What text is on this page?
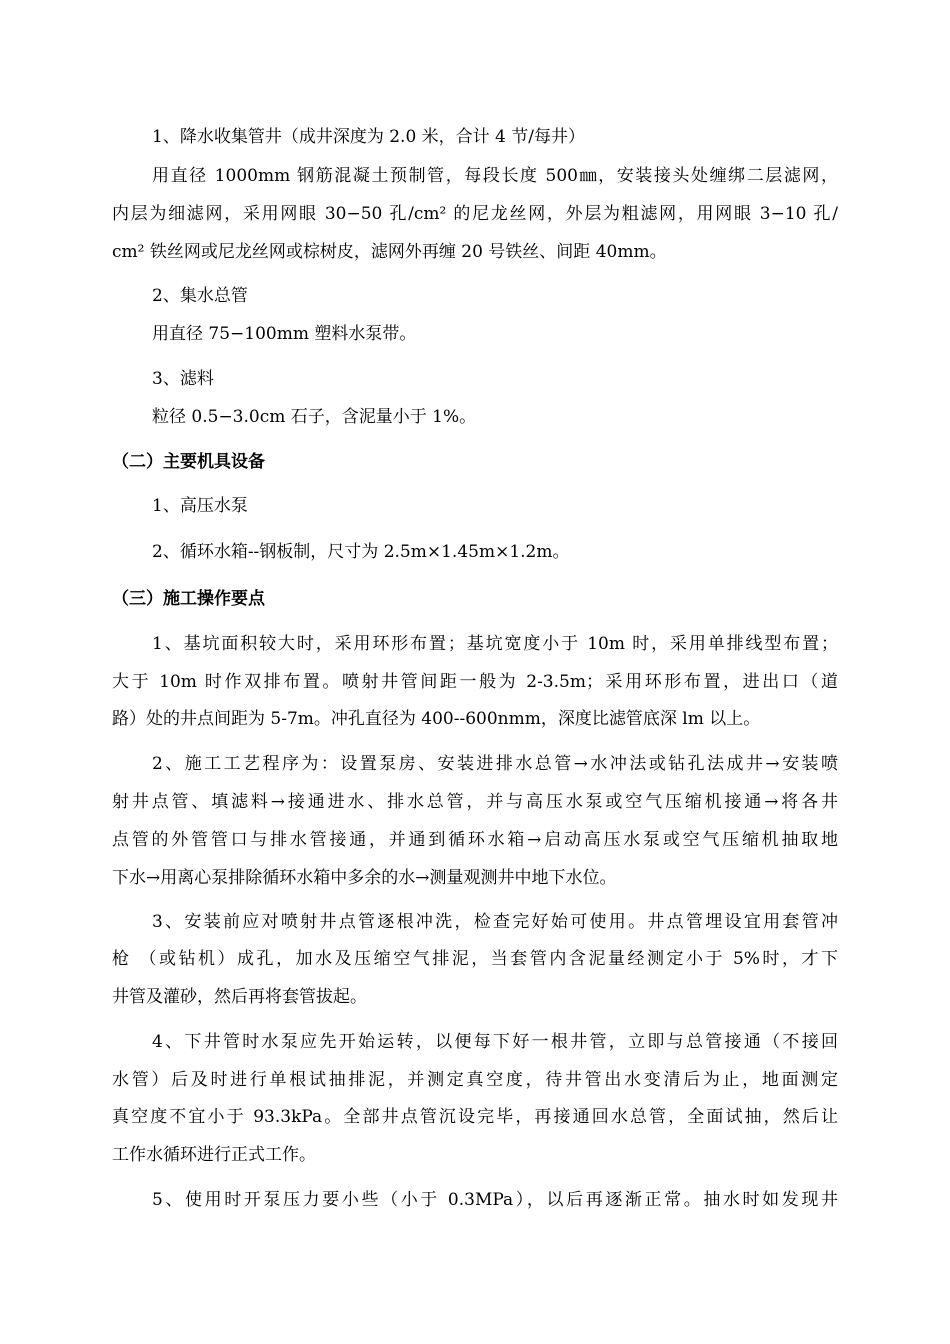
1、降水收集管井（成井深度为 2.0 米，合计 4 节/每井）
用直径 1000mm 钢筋混凝土预制管，每段长度 500㎜，安装接头处缠绑二层滤网，
内层为细滤网，采用网眼 30−50 孔/cm² 的尼龙丝网，外层为粗滤网，用网眼 3−10 孔/
cm² 铁丝网或尼龙丝网或棕树皮，滤网外再缠 20 号铁丝、间距 40mm。
2、集水总管
用直径 75−100mm 塑料水泵带。
3、滤料
粒径 0.5−3.0cm 石子，含泥量小于 1%。
（二）主要机具设备
1、高压水泵
2、循环水箱--钢板制，尺寸为 2.5m×1.45m×1.2m。
（三）施工操作要点
1、基坑面积较大时，采用环形布置；基坑宽度小于 10m 时，采用单排线型布置；
大于 10m 时作双排布置。喷射井管间距一般为 2-3.5m；采用环形布置，进出口（道
路）处的井点间距为 5-7m。冲孔直径为 400--600nmm，深度比滤管底深 lm 以上。
2、施工工艺程序为：设置泵房、安装进排水总管→水冲法或钻孔法成井→安装喷
射井点管、填滤料→接通进水、排水总管，并与高压水泵或空气压缩机接通→将各井
点管的外管管口与排水管接通，并通到循环水箱→启动高压水泵或空气压缩机抽取地
下水→用离心泵排除循环水箱中多余的水→测量观测井中地下水位。
3、安装前应对喷射井点管逐根冲洗，检查完好始可使用。井点管埋设宜用套管冲
枪 （或钻机）成孔，加水及压缩空气排泥，当套管内含泥量经测定小于 5%时，才下
井管及灌砂，然后再将套管拔起。
4、下井管时水泵应先开始运转，以便每下好一根井管，立即与总管接通（不接回
水管）后及时进行单根试抽排泥，并测定真空度，待井管出水变清后为止，地面测定
真空度不宜小于 93.3kPa。全部井点管沉设完毕，再接通回水总管，全面试抽，然后让
工作水循环进行正式工作。
5、使用时开泵压力要小些（小于 0.3MPa），以后再逐渐正常。抽水时如发现井
